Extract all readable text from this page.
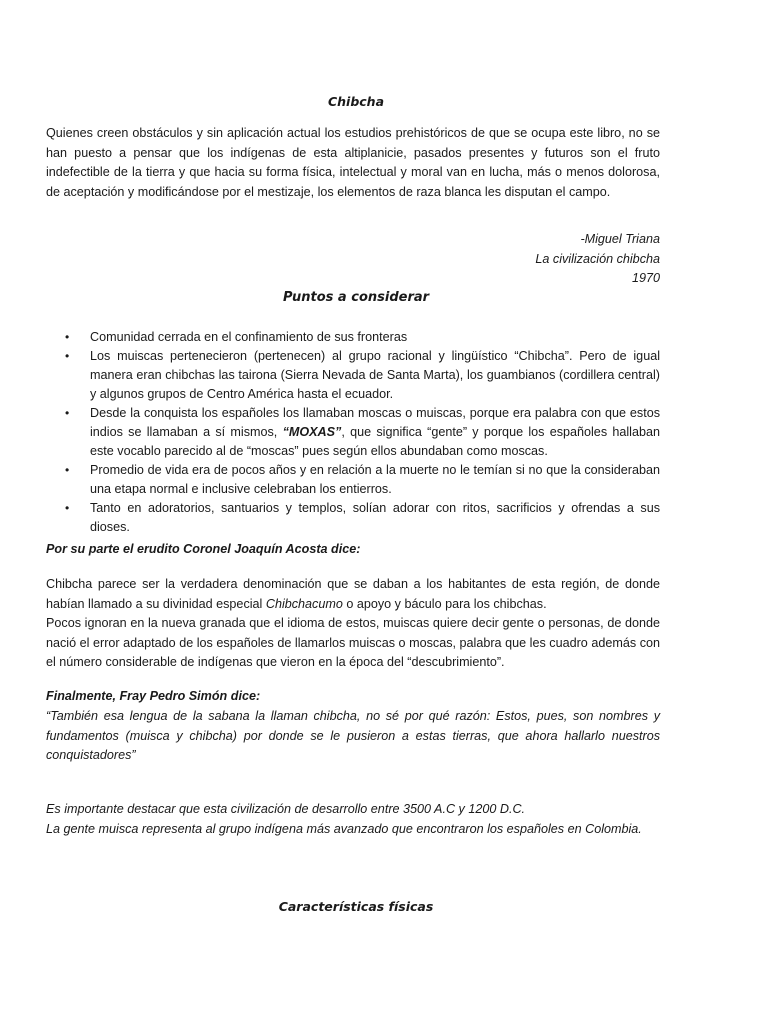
Chibcha

Quienes creen obstáculos y sin aplicación actual los estudios prehistóricos de que se ocupa este libro, no se han puesto a pensar que los indígenas de esta altiplanicie, pasados presentes y futuros son el fruto indefectible de la tierra y que hacia su forma física, intelectual y moral van en lucha, más o menos dolorosa, de aceptación y modificándose por el mestizaje, los elementos de raza blanca les disputan el campo.

-Miguel Triana
La civilización chibcha
1970
Puntos a considerar
• Comunidad cerrada en el confinamiento de sus fronteras
• Los muiscas pertenecieron (pertenecen) al grupo racional y lingüístico “Chibcha”. Pero de igual manera eran chibchas las tairona (Sierra Nevada de Santa Marta), los guambianos (cordillera central) y algunos grupos de Centro América hasta el ecuador.
• Desde la conquista los españoles los llamaban moscas o muiscas, porque era palabra con que estos indios se llamaban a sí mismos, “MOXAS”, que significa “gente” y porque los españoles hallaban este vocablo parecido al de “moscas” pues según ellos abundaban como moscas.
• Promedio de vida era de pocos años y en relación a la muerte no le temían si no que la consideraban una etapa normal e inclusive celebraban los entierros.
• Tanto en adoratorios, santuarios y templos, solían adorar con ritos, sacrificios y ofrendas a sus dioses.
Por su parte el erudito Coronel Joaquín Acosta dice:
Chibcha parece ser la verdadera denominación que se daban a los habitantes de esta región, de donde habían llamado a su divinidad especial Chibchacumo o apoyo y báculo para los chibchas.
Pocos ignoran en la nueva granada que el idioma de estos, muiscas quiere decir gente o personas, de donde nació el error adaptado de los españoles de llamarlos muiscas o moscas, palabra que les cuadro además con el número considerable de indígenas que vieron en la época del “descubrimiento”.
Finalmente, Fray Pedro Simón dice:

“También esa lengua de la sabana la llaman chibcha, no sé por qué razón: Estos, pues, son nombres y fundamentos (muisca y chibcha) por donde se le pusieron a estas tierras, que ahora hallarlo nuestros conquistadores”

Es importante destacar que esta civilización de desarrollo entre 3500 A.C y 1200 D.C.
La gente muisca representa al grupo indígena más avanzado que encontraron los españoles en Colombia.
Características físicas
